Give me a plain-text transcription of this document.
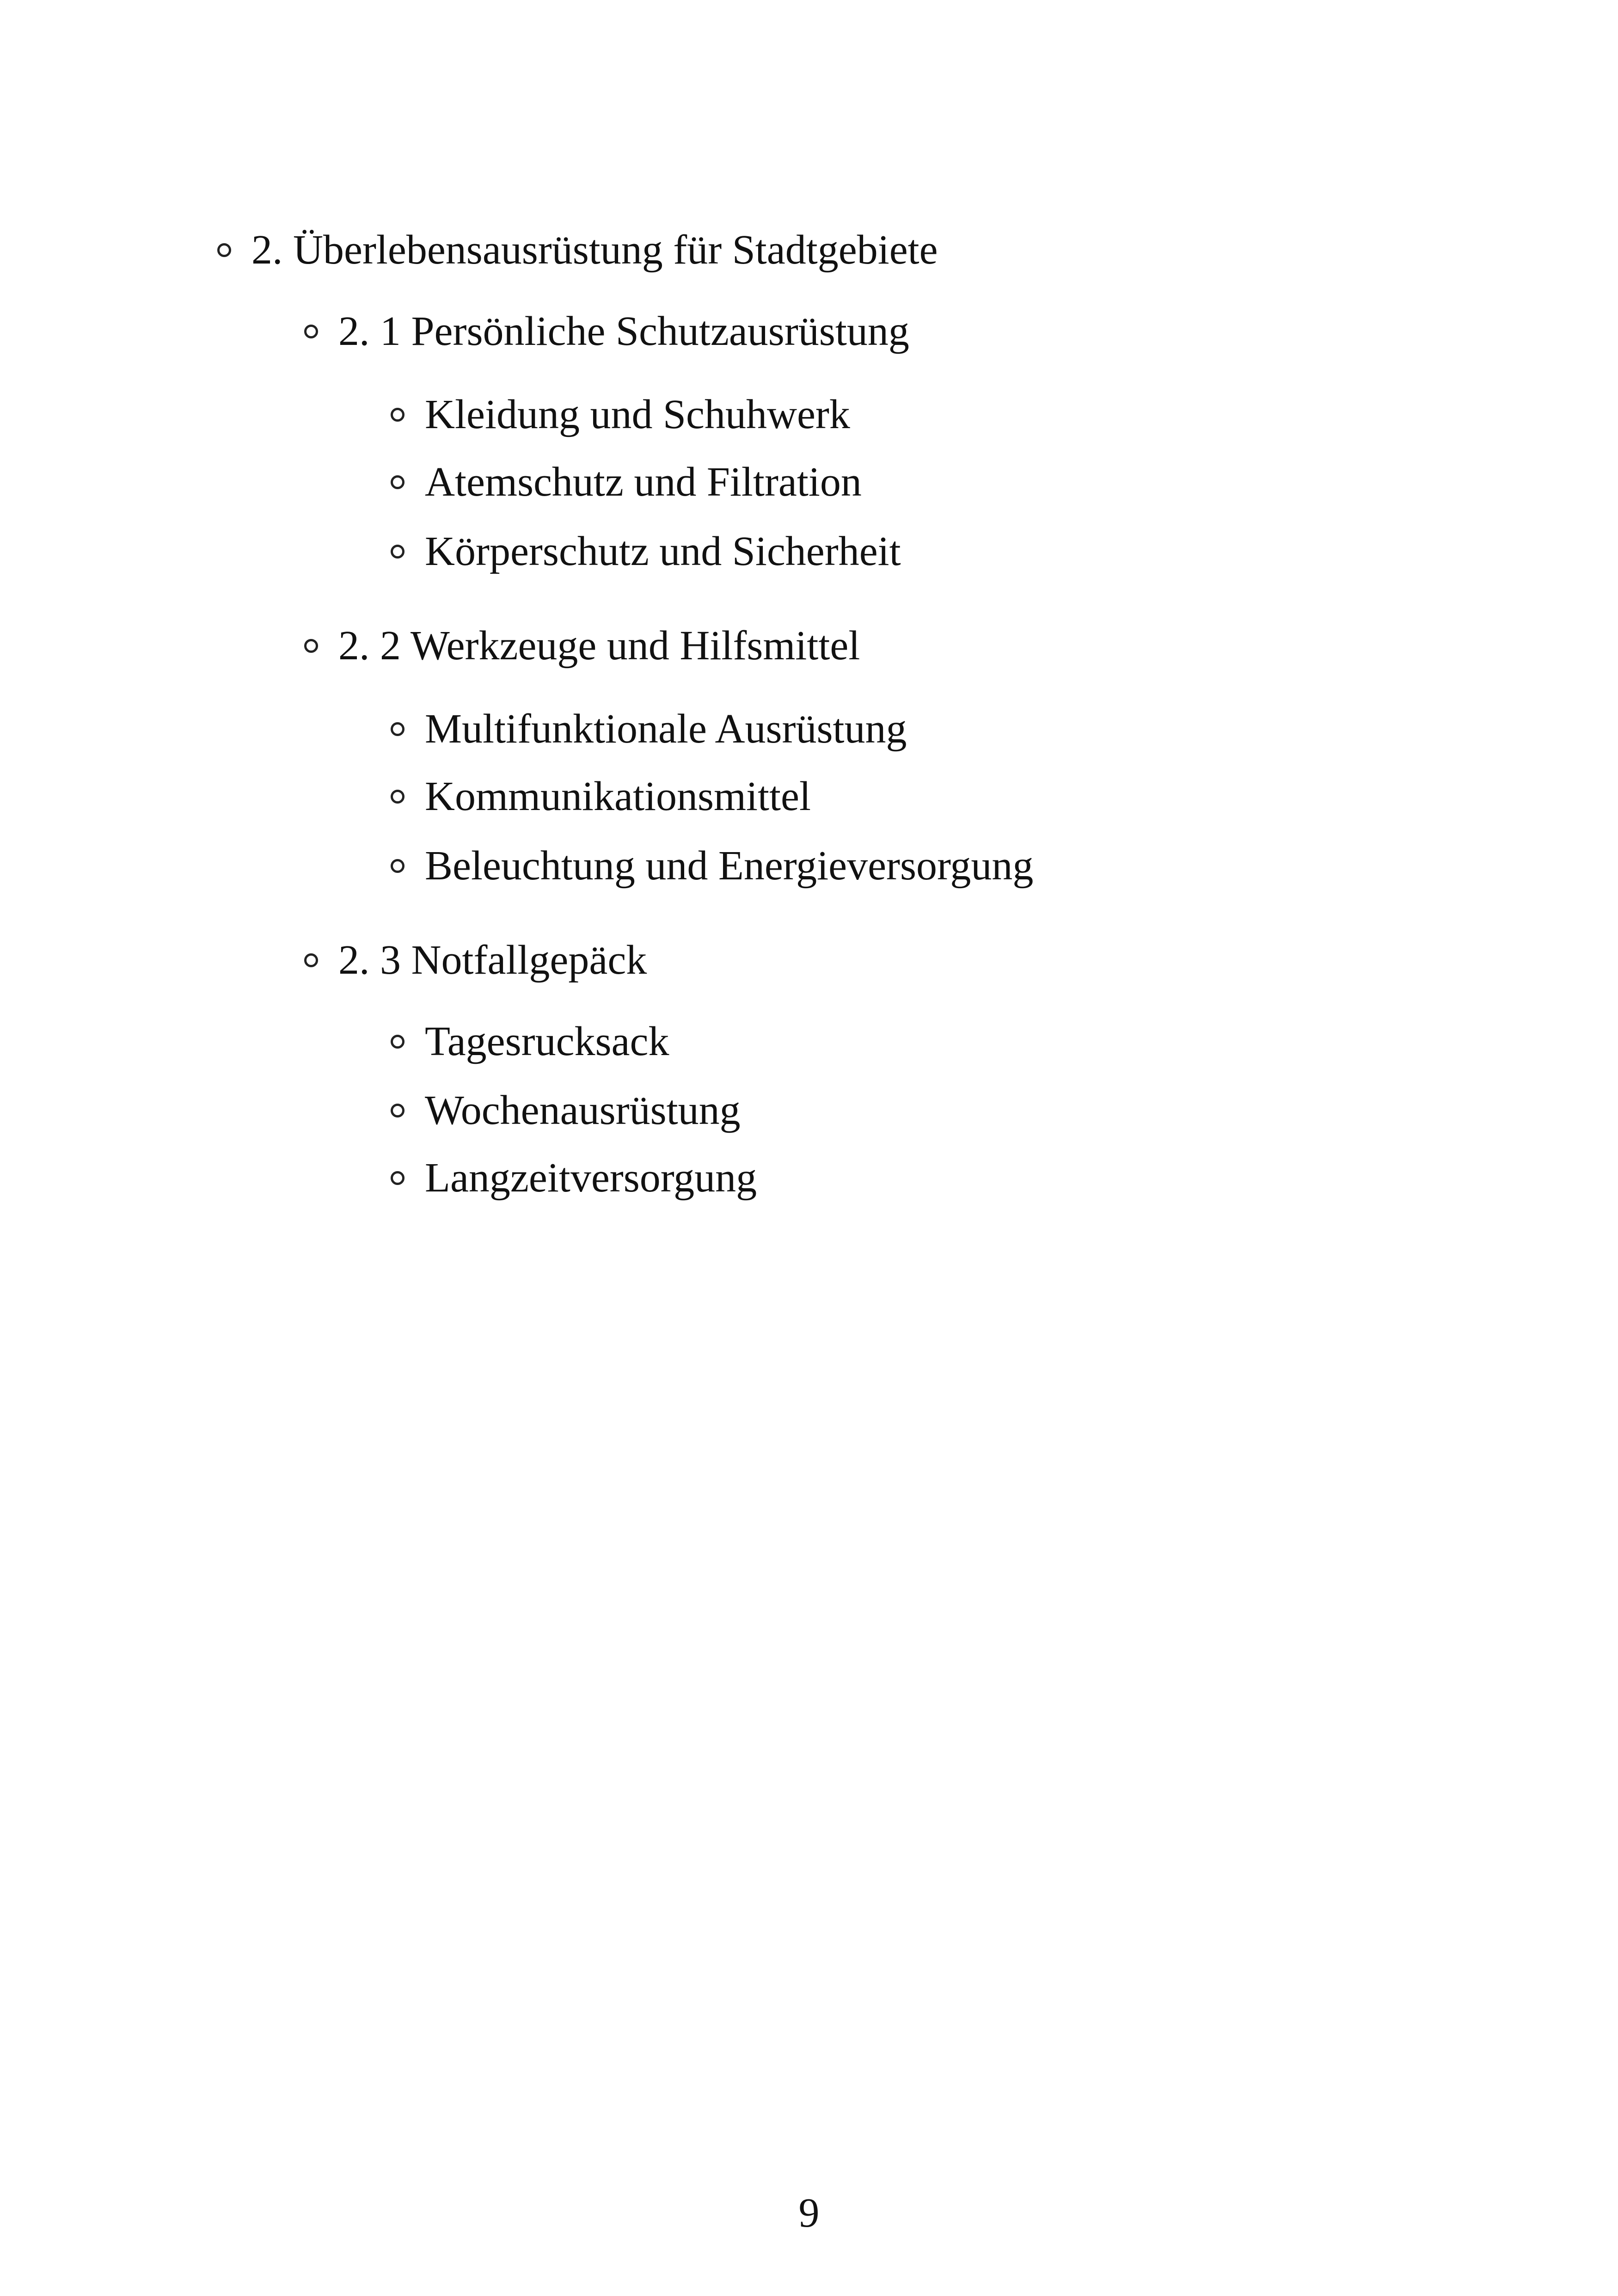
2. Überlebensausrüstung für Stadtgebiete
2. 1 Persönliche Schutzausrüstung
Kleidung und Schuhwerk
Atemschutz und Filtration
Körperschutz und Sicherheit
2. 2 Werkzeuge und Hilfsmittel
Multifunktionale Ausrüstung
Kommunikationsmittel
Beleuchtung und Energieversorgung
2. 3 Notfallgepäck
Tagesrucksack
Wochenausrüstung
Langzeitversorgung
9
